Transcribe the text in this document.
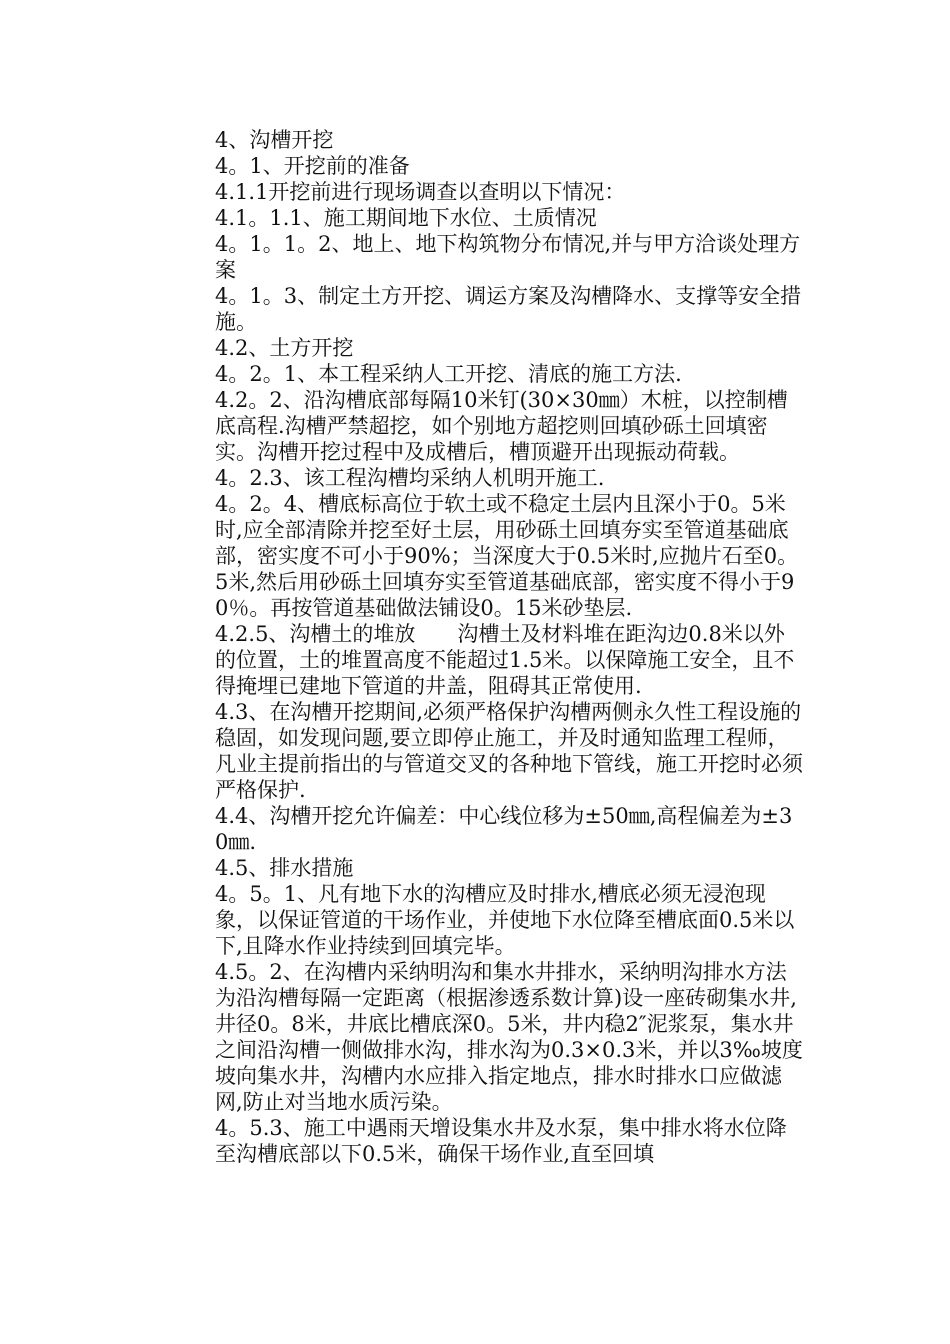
4、沟槽开挖

4。1、开挖前的准备

4.1.1开挖前进行现场调查以查明以下情况：

4.1。1.1、施工期间地下水位、土质情况

4。1。1。2、地上、地下构筑物分布情况,并与甲方洽谈处理方案

4。1。3、制定土方开挖、调运方案及沟槽降水、支撑等安全措施。

4.2、土方开挖

4。2。1、本工程采纳人工开挖、清底的施工方法.

4.2。2、沿沟槽底部每隔10米钉(30×30㎜）木桩，以控制槽底高程.沟槽严禁超挖，如个别地方超挖则回填砂砾土回填密实。沟槽开挖过程中及成槽后，槽顶避开出现振动荷载。

4。2.3、该工程沟槽均采纳人机明开施工.

4。2。4、槽底标高位于软土或不稳定土层内且深小于0。5米时,应全部清除并挖至好土层，用砂砾土回填夯实至管道基础底部，密实度不可小于90%；当深度大于0.5米时,应抛片石至0。5米,然后用砂砾土回填夯实至管道基础底部，密实度不得小于90％。再按管道基础做法铺设0。15米砂垫层.

4.2.5、沟槽土的堆放　　沟槽土及材料堆在距沟边0.8米以外的位置，土的堆置高度不能超过1.5米。以保障施工安全，且不得掩埋已建地下管道的井盖，阻碍其正常使用.

4.3、在沟槽开挖期间,必须严格保护沟槽两侧永久性工程设施的稳固，如发现问题,要立即停止施工，并及时通知监理工程师，凡业主提前指出的与管道交叉的各种地下管线，施工开挖时必须严格保护.

4.4、沟槽开挖允许偏差：中心线位移为±50㎜,高程偏差为±30㎜.

4.5、排水措施

4。5。1、凡有地下水的沟槽应及时排水,槽底必须无浸泡现象，以保证管道的干场作业，并使地下水位降至槽底面0.5米以下,且降水作业持续到回填完毕。

4.5。2、在沟槽内采纳明沟和集水井排水，采纳明沟排水方法为沿沟槽每隔一定距离（根据渗透系数计算)设一座砖砌集水井,井径0。8米，井底比槽底深0。5米，井内稳2″泥浆泵，集水井之间沿沟槽一侧做排水沟，排水沟为0.3×0.3米，并以3‰坡度坡向集水井，沟槽内水应排入指定地点，排水时排水口应做滤网,防止对当地水质污染。

4。5.3、施工中遇雨天增设集水井及水泵，集中排水将水位降至沟槽底部以下0.5米，确保干场作业,直至回填
